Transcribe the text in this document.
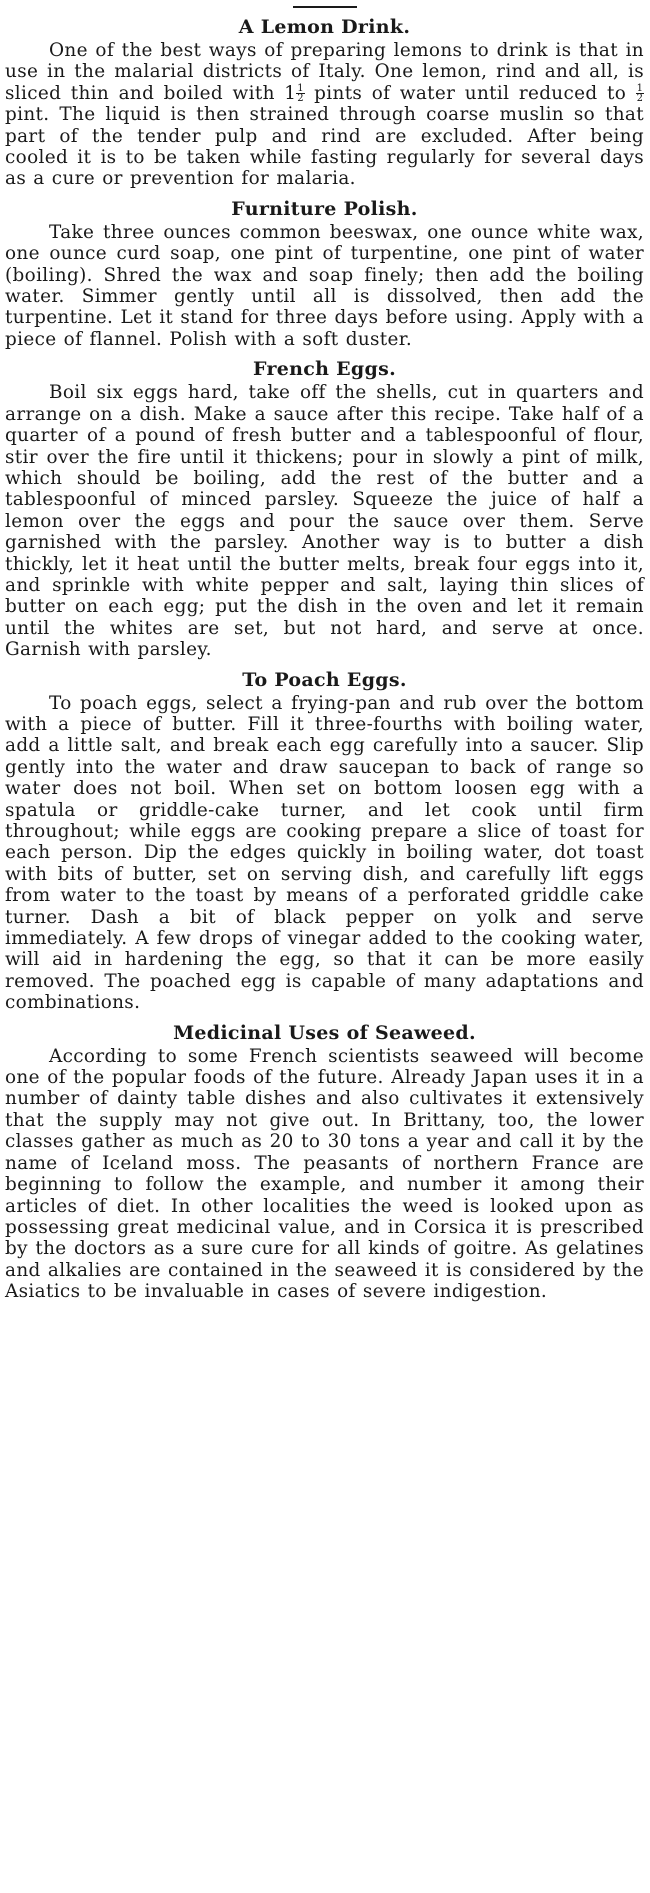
A Lemon Drink.

One of the best ways of preparing lemons to drink is that in use in the malarial districts of Italy. One lemon, rind and all, is sliced thin and boiled with $1 \frac{1}{2}$ pints of water until reduced to $\frac{1}{2}$
pint. The liquid is then strained through coarse muslin so that part of the tender pulp and rind are excluded. After being cooled it is to be taken while fasting regularly for several days as a cure or prevention for malaria.

Furniture Polish.

Take three ounces common beeswax, one ounce white wax, one ounce curd soap, one pint of turpentine, one pint of water (boiling). Shred the wax and soap finely; then add the boiling water. Simmer gently until all is dissolved, then add the turpentine. Let it stand for three days before using. Apply with a piece of flannel. Polish with a soft duster.

French Eggs.

Boil six eggs hard, take off the shells, cut in quarters and arrange on a dish. Make a sauce after this recipe. Take half of a quarter of a pound of fresh butter and a tablespoonful of flour, stir over the fire until it thickens; pour in slowly a pint of milk, which should be boiling, add the rest of the butter and a tablespoonful of minced parsley. Squeeze the juice of half a lemon over the eggs and pour the sauce over them. Serve garnished with the parsley. Another way is to butter a dish thickly, let it heat until the butter melts, break four eggs into it, and sprinkle with white pepper and salt, laying thin slices of butter on each egg; put the dish in the oven and let it remain until the whites are set, but not hard, and serve at once. Garnish with parsley.

To Poach Eggs.

To poach eggs, select a frying-pan and rub over the bottom with a piece of butter. Fill it three-fourths with boiling water, add a little salt, and break each egg carefully into a saucer. Slip gently into the water and draw saucepan to back of range so water does not boil. When set on bottom loosen egg with a spatula or griddle-cake turner, and let cook until firm throughout; while eggs are cooking prepare a slice of toast for each person. Dip the edges quickly in boiling water, dot toast with bits of butter, set on serving dish, and carefully lift eggs from water to the toast by means of a perforated griddle cake turner. Dash a bit of black pepper on yolk and serve immediately. A few drops of vinegar added to the cooking water, will aid in hardening the egg, so that it can be more easily removed. The poached egg is capable of many adaptations and combinations.

Medicinal Uses of Seaweed.

According to some French scientists seaweed will become one of the popular foods of the future. Already Japan uses it in a number of dainty table dishes and also cultivates it extensively that the supply may not give out. In Brittany, too, the lower classes gather as much as 20 to 30 tons a year and call it by the name of Iceland moss. The peasants of northern France are beginning to follow the example, and number it among their articles of diet. In other localities the weed is looked upon as possessing great medicinal value, and in Corsica it is prescribed by the doctors as a sure cure for all kinds of goitre. As gelatines and alkalies are contained in the seaweed it is considered by the Asiatics to be invaluable in cases of severe indigestion.
